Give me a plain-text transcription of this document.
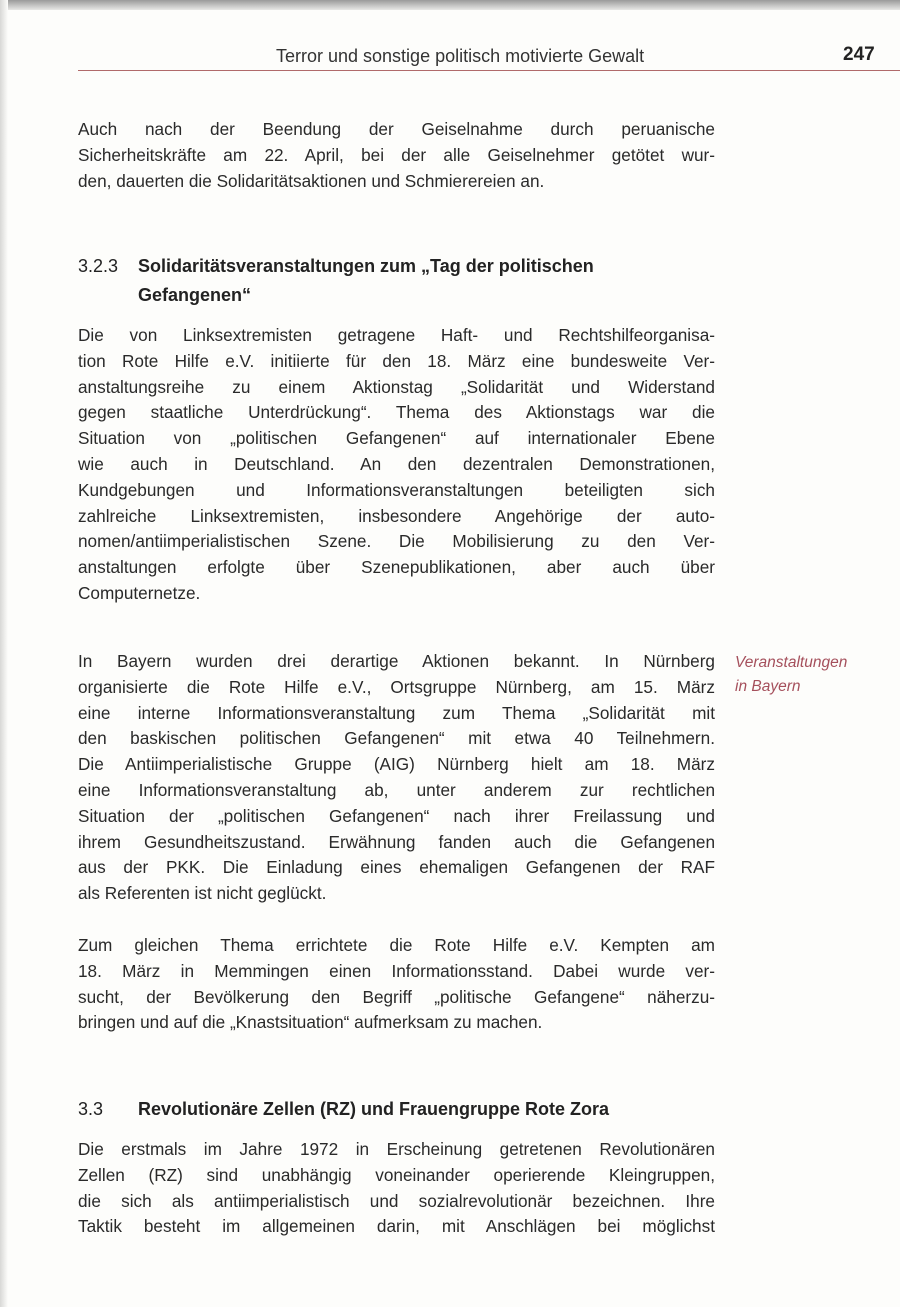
Terror und sonstige politisch motivierte Gewalt	247
Auch nach der Beendung der Geiselnahme durch peruanische
Sicherheitskräfte am 22. April, bei der alle Geiselnehmer getötet wur-
den, dauerten die Solidaritätsaktionen und Schmierereien an.
3.2.3 Solidaritätsveranstaltungen zum „Tag der politischen
Gefangenen“
Die von Linksextremisten getragene Haft- und Rechtshilfeorganisa-
tion Rote Hilfe e.V. initiierte für den 18. März eine bundesweite Ver-
anstaltungsreihe zu einem Aktionstag „Solidarität und Widerstand
gegen staatliche Unterdrückung“. Thema des Aktionstags war die
Situation von „politischen Gefangenen“ auf internationaler Ebene
wie auch in Deutschland. An den dezentralen Demonstrationen,
Kundgebungen und Informationsveranstaltungen beteiligten sich
zahlreiche Linksextremisten, insbesondere Angehörige der auto-
nomen/antiimperialistischen Szene. Die Mobilisierung zu den Ver-
anstaltungen erfolgte über Szenepublikationen, aber auch über
Computernetze.
In Bayern wurden drei derartige Aktionen bekannt. In Nürnberg
organisierte die Rote Hilfe e.V., Ortsgruppe Nürnberg, am 15. März
eine interne Informationsveranstaltung zum Thema „Solidarität mit
den baskischen politischen Gefangenen“ mit etwa 40 Teilnehmern.
Die Antiimperialistische Gruppe (AIG) Nürnberg hielt am 18. März
eine Informationsveranstaltung ab, unter anderem zur rechtlichen
Situation der „politischen Gefangenen“ nach ihrer Freilassung und
ihrem Gesundheitszustand. Erwähnung fanden auch die Gefangenen
aus der PKK. Die Einladung eines ehemaligen Gefangenen der RAF
als Referenten ist nicht geglückt.
Veranstaltungen
in Bayern
Zum gleichen Thema errichtete die Rote Hilfe e.V. Kempten am
18. März in Memmingen einen Informationsstand. Dabei wurde ver-
sucht, der Bevölkerung den Begriff „politische Gefangene“ näherzu-
bringen und auf die „Knastsituation“ aufmerksam zu machen.
3.3 Revolutionäre Zellen (RZ) und Frauengruppe Rote Zora
Die erstmals im Jahre 1972 in Erscheinung getretenen Revolutionären
Zellen (RZ) sind unabhängig voneinander operierende Kleingruppen,
die sich als antiimperialistisch und sozialrevolutionär bezeichnen. Ihre
Taktik besteht im allgemeinen darin, mit Anschlägen bei möglichst
